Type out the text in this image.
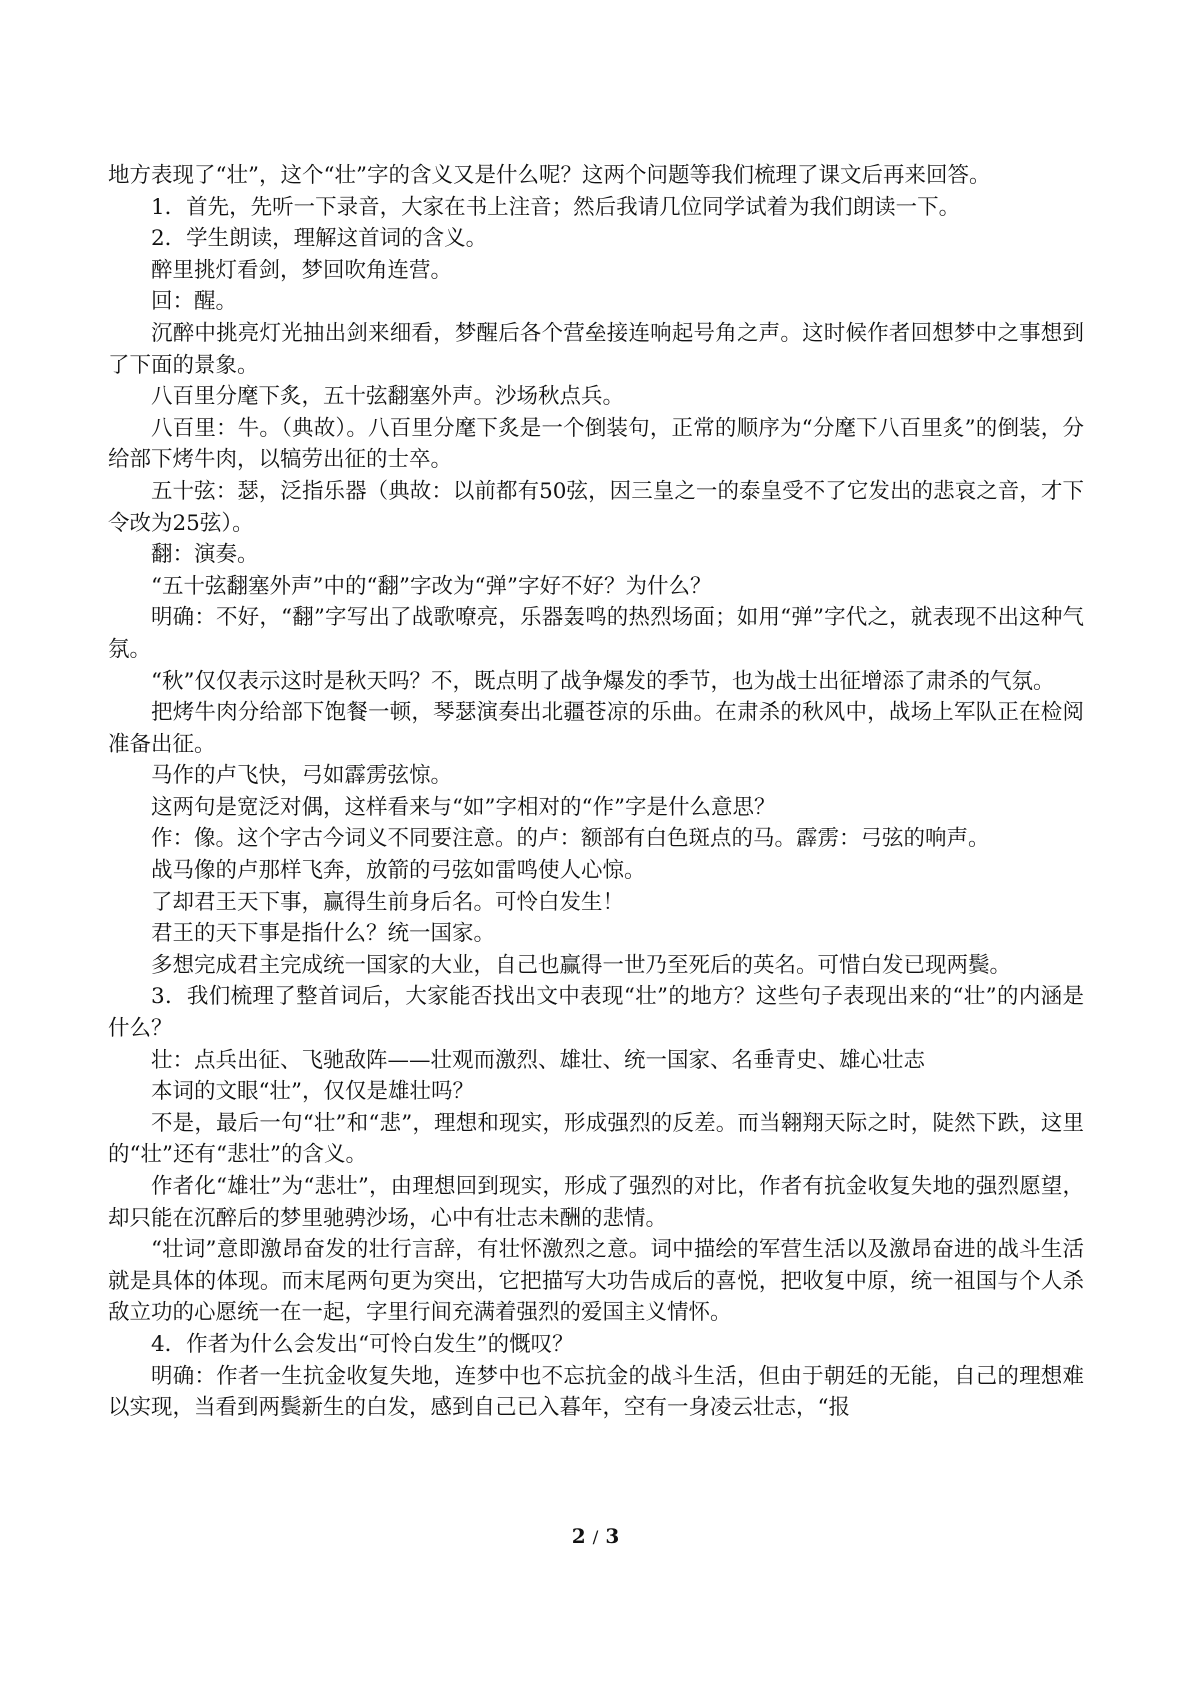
地方表现了“壮”，这个“壮”字的含义又是什么呢？这两个问题等我们梳理了课文后再来回答。

1．首先，先听一下录音，大家在书上注音；然后我请几位同学试着为我们朗读一下。

2．学生朗读，理解这首词的含义。

醉里挑灯看剑，梦回吹角连营。

回：醒。

沉醉中挑亮灯光抽出剑来细看，梦醒后各个营垒接连响起号角之声。这时候作者回想梦中之事想到了下面的景象。

八百里分麾下炙，五十弦翻塞外声。沙场秋点兵。

八百里：牛。（典故）。八百里分麾下炙是一个倒装句，正常的顺序为“分麾下八百里炙”的倒装，分给部下烤牛肉，以犒劳出征的士卒。

五十弦：瑟，泛指乐器（典故：以前都有50弦，因三皇之一的泰皇受不了它发出的悲哀之音，才下令改为25弦）。

翻：演奏。

“五十弦翻塞外声”中的“翻”字改为“弹”字好不好？为什么？

明确：不好，“翻”字写出了战歌嘹亮，乐器轰鸣的热烈场面；如用“弹”字代之，就表现不出这种气氛。

“秋”仅仅表示这时是秋天吗？不，既点明了战争爆发的季节，也为战士出征增添了肃杀的气氛。

把烤牛肉分给部下饱餐一顿，琴瑟演奏出北疆苍凉的乐曲。在肃杀的秋风中，战场上军队正在检阅准备出征。

马作的卢飞快，弓如霹雳弦惊。

这两句是宽泛对偶，这样看来与“如”字相对的“作”字是什么意思？

作：像。这个字古今词义不同要注意。的卢：额部有白色斑点的马。霹雳：弓弦的响声。

战马像的卢那样飞奔，放箭的弓弦如雷鸣使人心惊。

了却君王天下事，赢得生前身后名。可怜白发生！

君王的天下事是指什么？统一国家。

多想完成君主完成统一国家的大业，自己也赢得一世乃至死后的英名。可惜白发已现两鬓。

3．我们梳理了整首词后，大家能否找出文中表现“壮”的地方？这些句子表现出来的“壮”的内涵是什么？

壮：点兵出征、飞驰敌阵——壮观而激烈、雄壮、统一国家、名垂青史、雄心壮志

本词的文眼“壮”，仅仅是雄壮吗？

不是，最后一句“壮”和“悲”，理想和现实，形成强烈的反差。而当翱翔天际之时，陡然下跌，这里的“壮”还有“悲壮”的含义。

作者化“雄壮”为“悲壮”，由理想回到现实，形成了强烈的对比，作者有抗金收复失地的强烈愿望，却只能在沉醉后的梦里驰骋沙场，心中有壮志未酬的悲情。

“壮词”意即激昂奋发的壮行言辞，有壮怀激烈之意。词中描绘的军营生活以及激昂奋进的战斗生活就是具体的体现。而末尾两句更为突出，它把描写大功告成后的喜悦，把收复中原，统一祖国与个人杀敌立功的心愿统一在一起，字里行间充满着强烈的爱国主义情怀。

4．作者为什么会发出“可怜白发生”的慨叹？

明确：作者一生抗金收复失地，连梦中也不忘抗金的战斗生活，但由于朝廷的无能，自己的理想难以实现，当看到两鬓新生的白发，感到自己已入暮年，空有一身凌云壮志，“报

2 / 3
